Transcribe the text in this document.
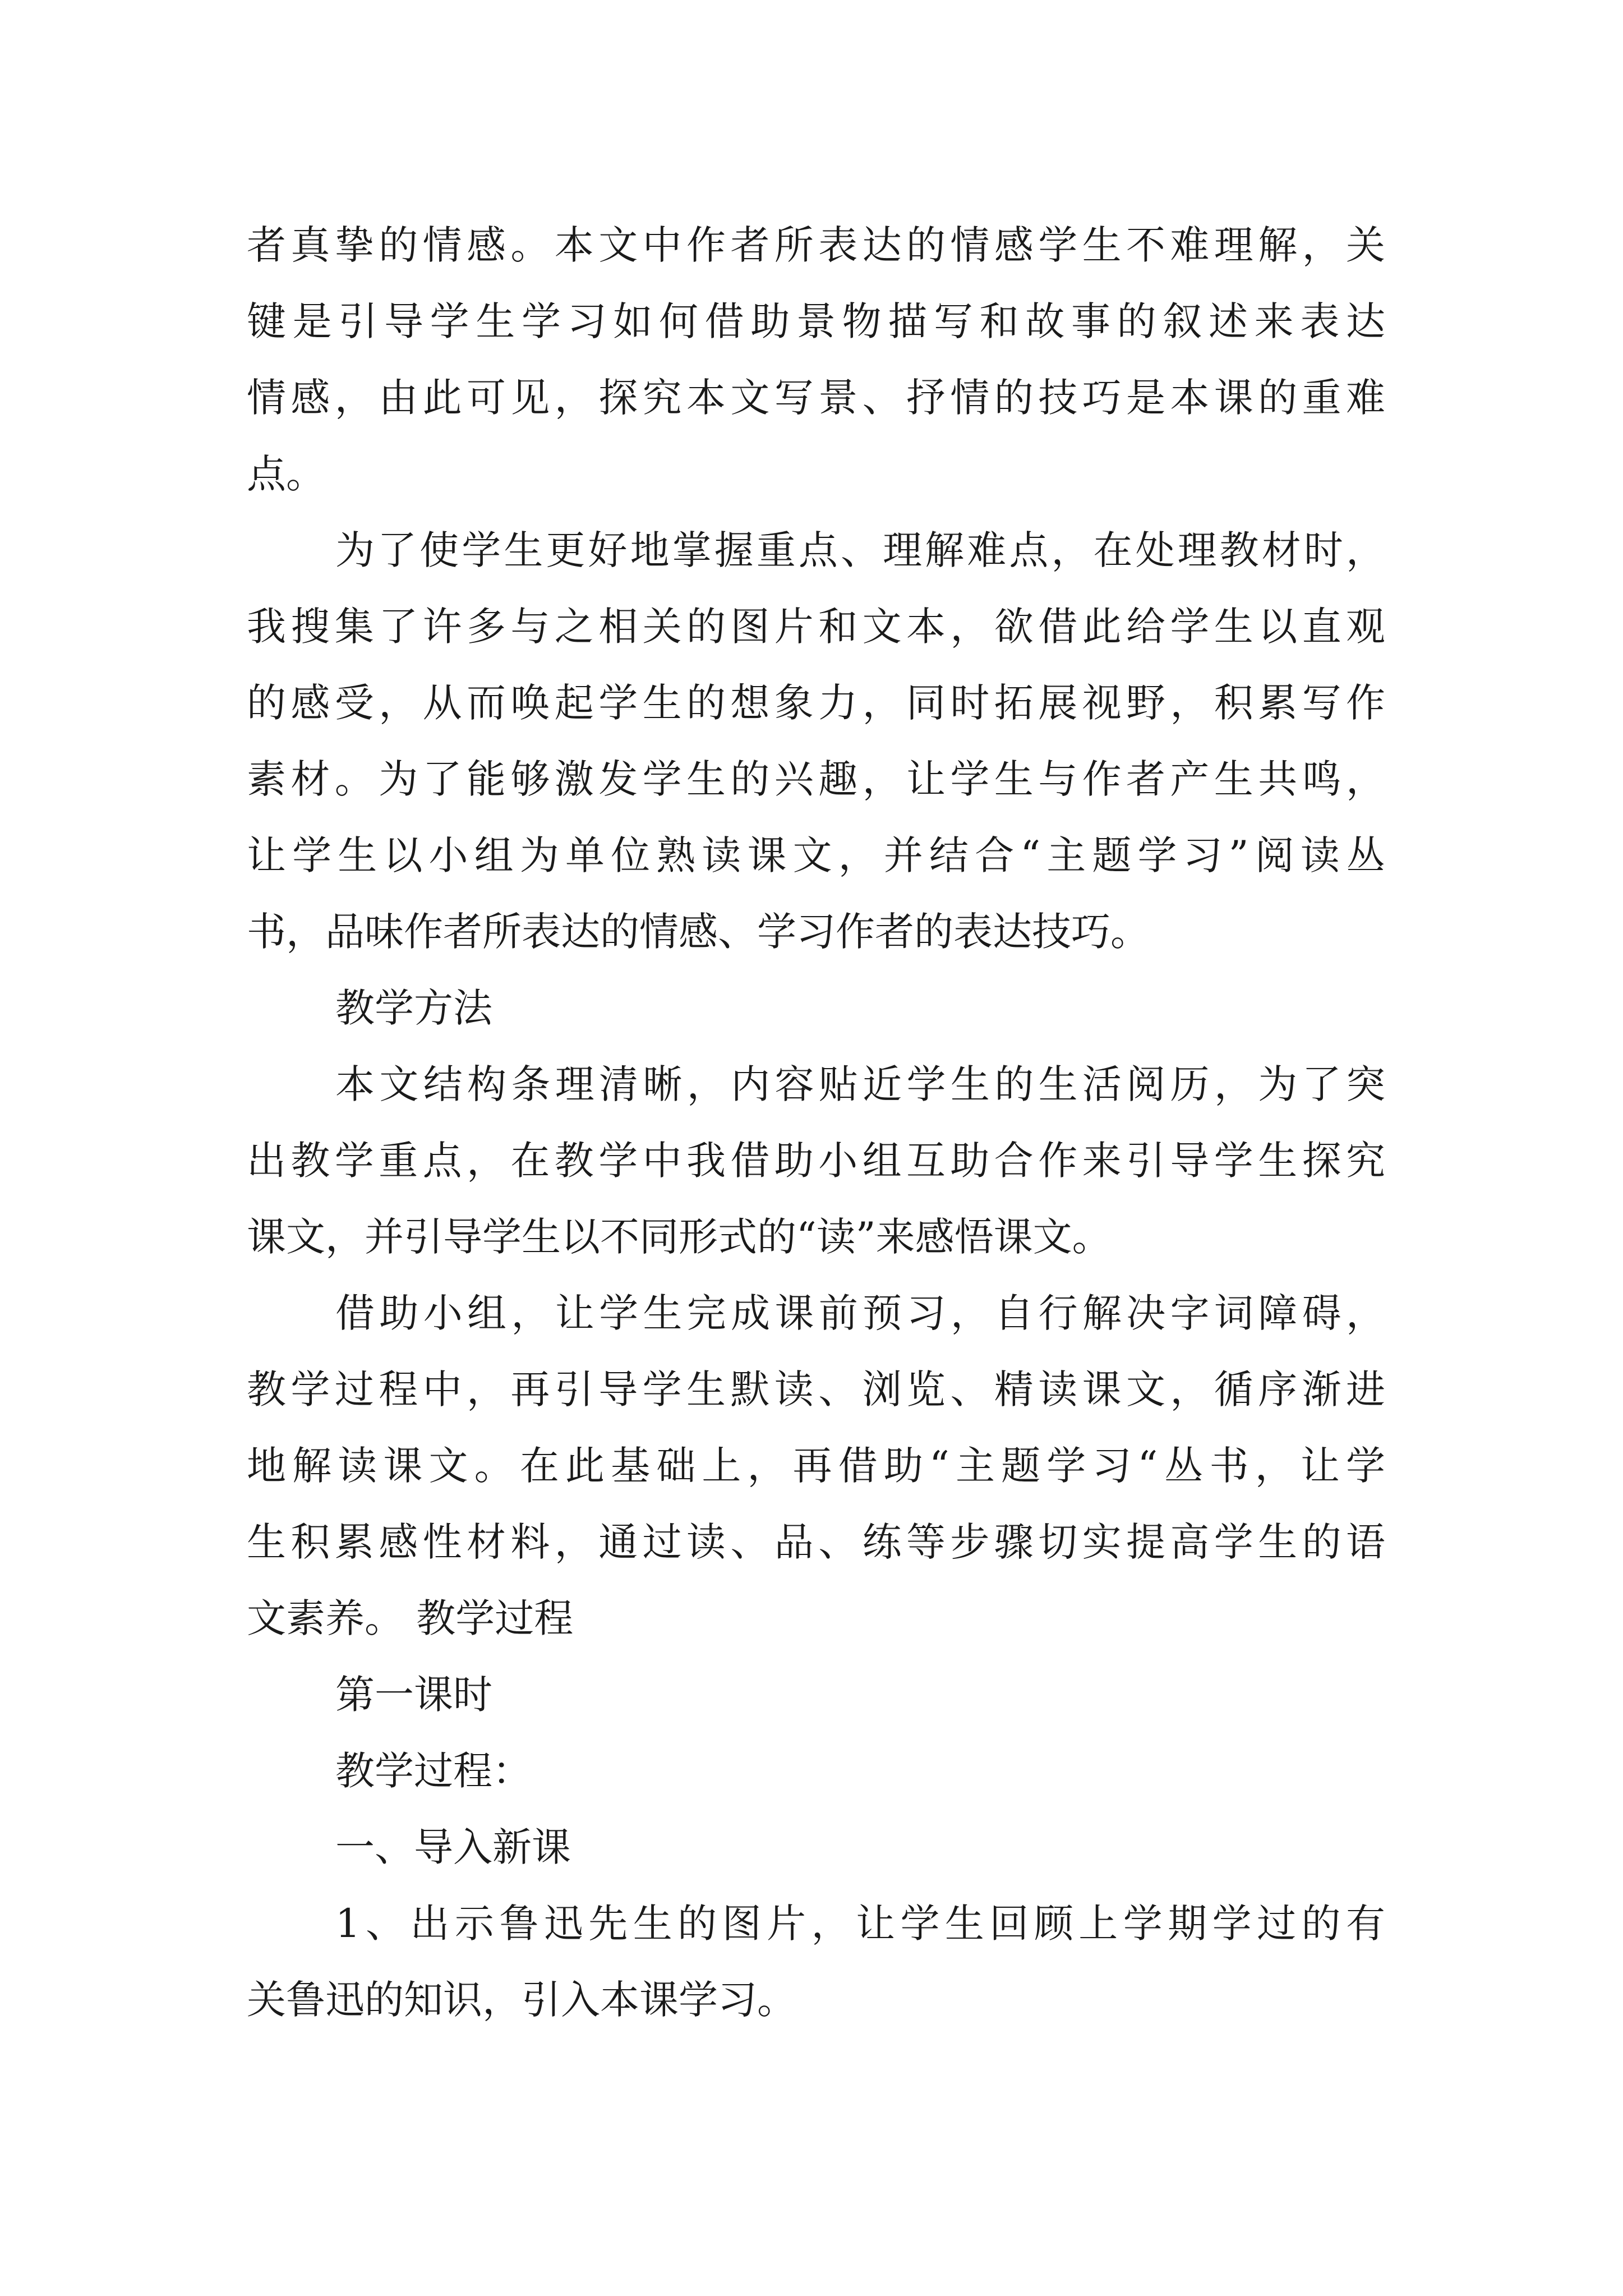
者真挚的情感。本文中作者所表达的情感学生不难理解，关

键是引导学生学习如何借助景物描写和故事的叙述来表达

情感，由此可见，探究本文写景、抒情的技巧是本课的重难

点。

为了使学生更好地掌握重点、理解难点，在处理教材时，

我搜集了许多与之相关的图片和文本，欲借此给学生以直观

的感受，从而唤起学生的想象力，同时拓展视野，积累写作

素材。为了能够激发学生的兴趣，让学生与作者产生共鸣，

让学生以小组为单位熟读课文，并结合“主题学习”阅读丛

书，品味作者所表达的情感、学习作者的表达技巧。

教学方法

本文结构条理清晰，内容贴近学生的生活阅历，为了突

出教学重点，在教学中我借助小组互助合作来引导学生探究

课文，并引导学生以不同形式的“读”来感悟课文。

借助小组，让学生完成课前预习，自行解决字词障碍，

教学过程中，再引导学生默读、浏览、精读课文，循序渐进

地解读课文。在此基础上，再借助“主题学习“丛书，让学

生积累感性材料，通过读、品、练等步骤切实提高学生的语

文素养。 教学过程

第一课时

教学过程：

一、导入新课

1、出示鲁迅先生的图片，让学生回顾上学期学过的有

关鲁迅的知识，引入本课学习。
